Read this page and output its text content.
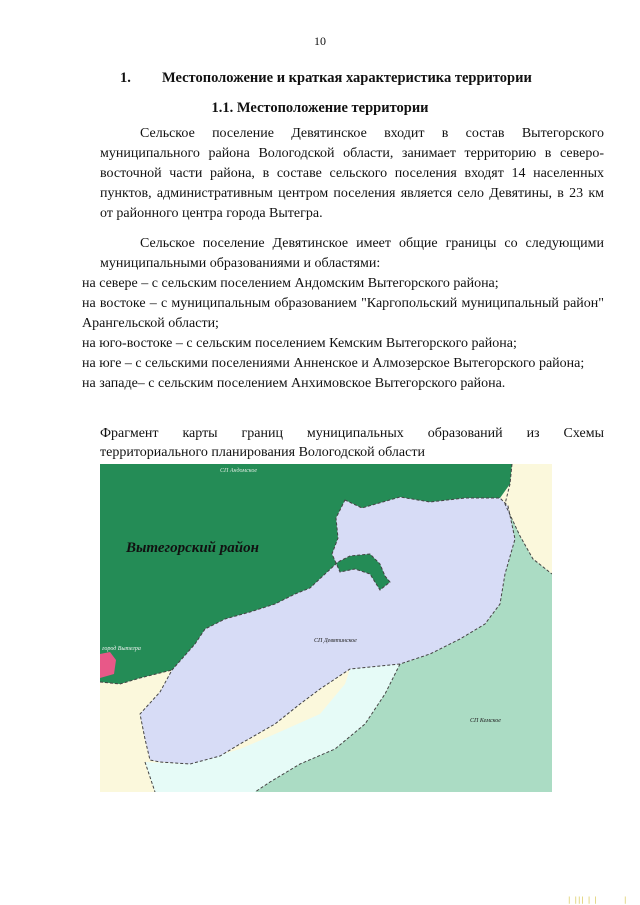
10
1. Местоположение и краткая характеристика территории
1.1. Местоположение территории

Сельское поселение Девятинское входит в состав Вытегорского муниципального района Вологодской области, занимает территорию в северо- восточной части района, в составе сельского поселения входят 14 населенных пунктов, административным центром поселения является село Девятины, в 23 км от районного центра города Вытегра.

Сельское поселение Девятинское имеет общие границы со следующими муниципальными образованиями и областями:

на севере – с сельским поселением Андомским Вытегорского района;

на востоке – с муниципальным образованием "Каргопольский муниципальный район" Арангельской области;

на юго-востоке – с сельским поселением Кемским Вытегорского района;

на юге – с сельскими поселениями Анненское и Алмозерское Вытегорского района;

на западе– с сельским поселением Анхимовское Вытегорского района.

Фрагмент карты границ муниципальных образований из Схемы
территориального планирования Вологодской области
СП Андомское
Вытегорский район
город Вытегра
СП Девятинское
СП Кемское
| ||| | |	|
